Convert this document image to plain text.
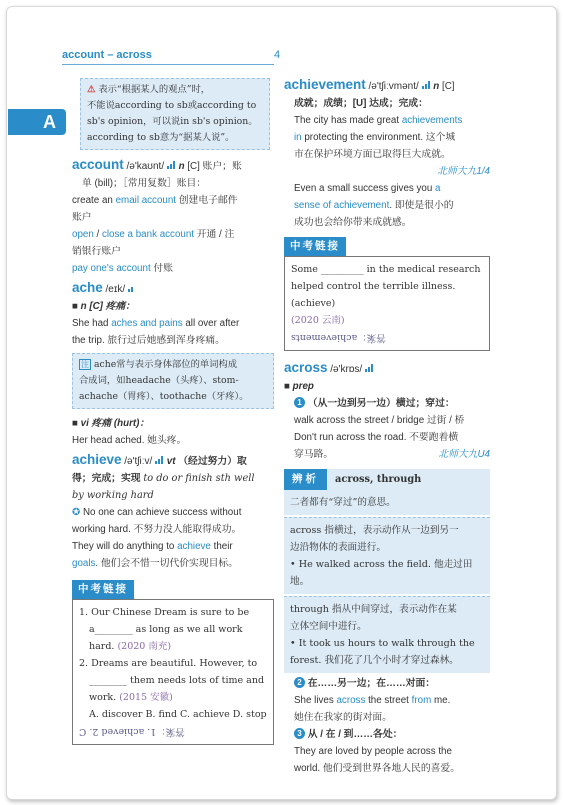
account – across	4
A
⚠ 表示“根据某人的观点”时，
不能说according to sb或according to
sb's opinion，可以说in sb's opinion。
according to sb意为“据某人说”。
account /ə'kaʊnt/ n [C] 账户；账
单 (bill)；［常用复数］账目：
create an email account 创建电子邮件
账户
open / close a bank account 开通 / 注
销银行账户
pay one's account 付账
ache /eɪk/

■ n [C] 疼痛：
She had aches and pains all over after
the trip. 旅行过后她感到浑身疼痛。
注 ache常与表示身体部位的单词构成
合成词，如headache（头疼）、stom-
achache（胃疼）、toothache（牙疼）。
■ vi 疼痛 (hurt)：
Her head ached. 她头疼。
achieve /ə'tʃiːv/ vt （经过努力）取
得；完成；实现 to do or finish sth well
by working hard
✪ No one can achieve success without
working hard. 不努力没人能取得成功。
They will do anything to achieve their
goals. 他们会不惜一切代价实现目标。
中考链接
1. Our Chinese Dream is sure to be
a________ as long as we all work
hard. (2020 南充)
2. Dreams are beautiful. However, to
________ them needs lots of time and
work. (2015 安徽)
A. discover B. find C. achieve D. stop
答案：1. achieved 2. C
achievement /ə'tʃiːvmənt/ n [C]
成就；成绩；[U] 达成；完成：
The city has made great achievements
in protecting the environment. 这个城
市在保护环境方面已取得巨大成就。

北师大九1/4
Even a small success gives you a
sense of achievement. 即使是很小的
成功也会给你带来成就感。
中考链接
Some _________ in the medical research
helped control the terrible illness. (achieve)
(2020 云南)
答案：achievements
across /ə'krɒs/

■ prep
1 （从一边到另一边）横过；穿过：
walk across the street / bridge 过街 / 桥
Don't run across the road. 不要跑着横
穿马路。	北师大九U4
辨析	across, through
二者都有“穿过”的意思。
across 指横过，表示动作从一边到另一
边沿物体的表面进行。
• He walked across the field. 他走过田地。
through 指从中间穿过，表示动作在某
立体空间中进行。
• It took us hours to walk through the
forest. 我们花了几个小时才穿过森林。
2 在……另一边；在……对面：
She lives across the street from me.
她住在我家的街对面。
3 从 / 在 / 到……各处：
They are loved by people across the
world. 他们受到世界各地人民的喜爱。
